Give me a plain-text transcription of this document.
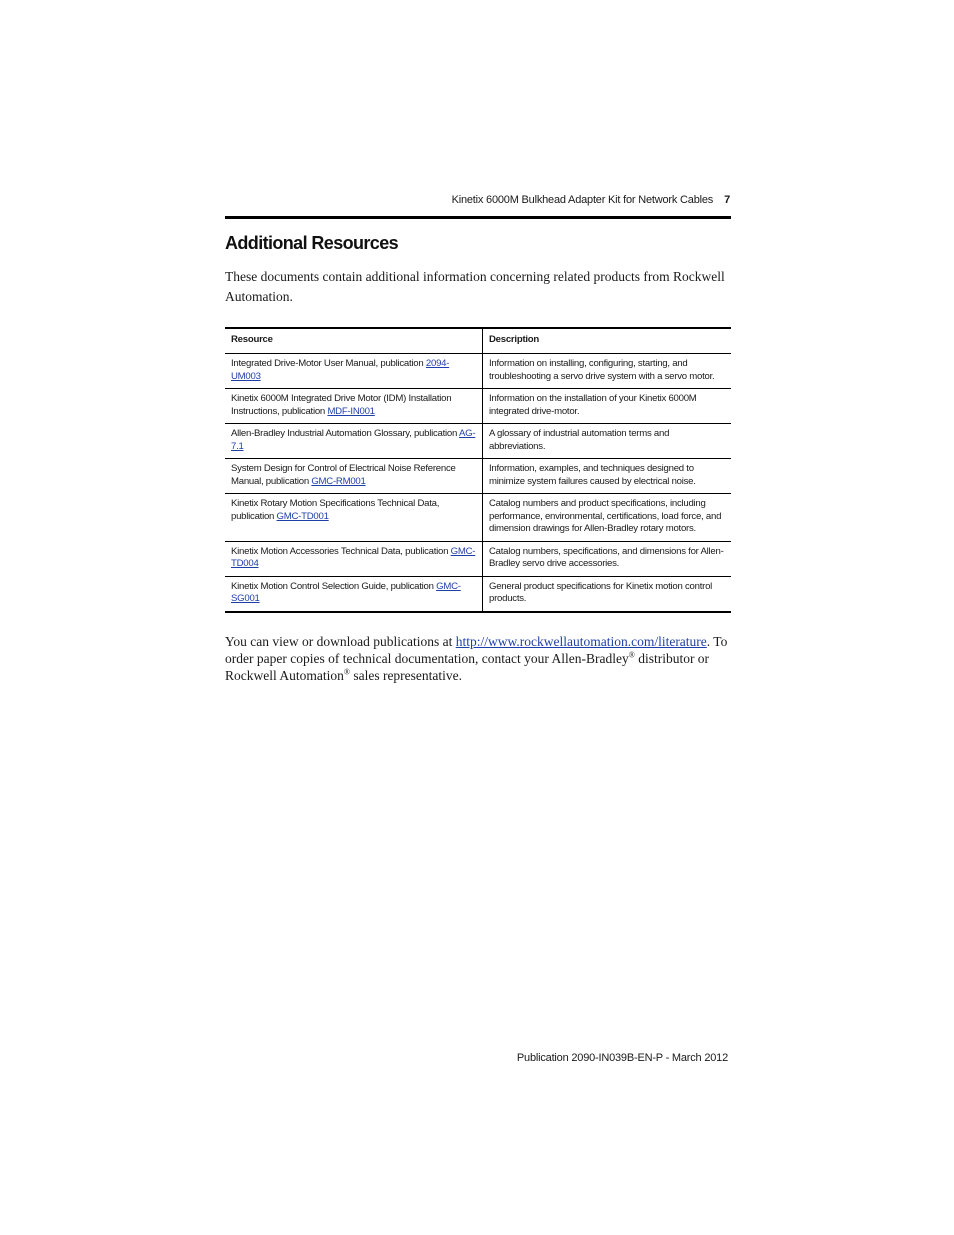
Kinetix 6000M Bulkhead Adapter Kit for Network Cables 7
Additional Resources

These documents contain additional information concerning related products from Rockwell Automation.

Resource	Description
Integrated Drive-Motor User Manual, publication 2094-UM003	Information on installing, configuring, starting, and troubleshooting a servo drive system with a servo motor.
Kinetix 6000M Integrated Drive Motor (IDM) Installation Instructions, publication MDF-IN001	Information on the installation of your Kinetix 6000M integrated drive-motor.
Allen-Bradley Industrial Automation Glossary, publication AG-7.1	A glossary of industrial automation terms and abbreviations.
System Design for Control of Electrical Noise Reference Manual, publication GMC-RM001	Information, examples, and techniques designed to minimize system failures caused by electrical noise.
Kinetix Rotary Motion Specifications Technical Data, publication GMC-TD001	Catalog numbers and product specifications, including performance, environmental, certifications, load force, and dimension drawings for Allen-Bradley rotary motors.
Kinetix Motion Accessories Technical Data, publication GMC-TD004	Catalog numbers, specifications, and dimensions for Allen-Bradley servo drive accessories.
Kinetix Motion Control Selection Guide, publication GMC-SG001	General product specifications for Kinetix motion control products.

You can view or download publications at http://www.rockwellautomation.com/literature. To order paper copies of technical documentation, contact your Allen-Bradley® distributor or Rockwell Automation® sales representative.

Publication 2090-IN039B-EN-P - March 2012
